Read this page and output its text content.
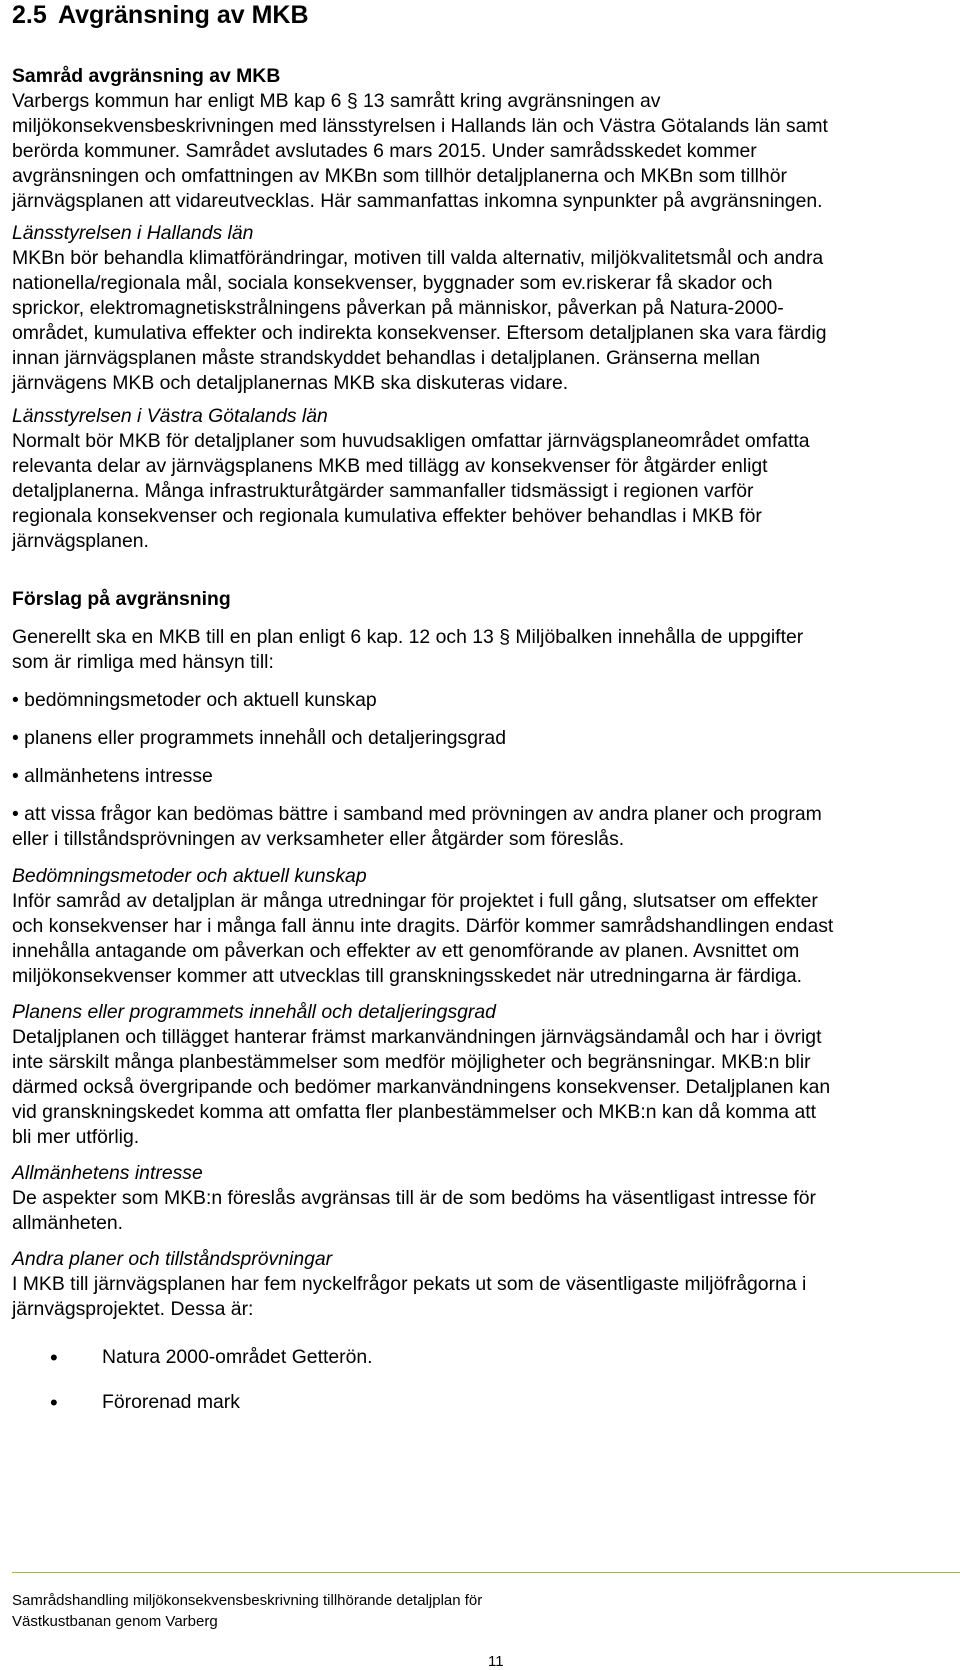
2.5 Avgränsning av MKB
Samråd avgränsning av MKB
Varbergs kommun har enligt MB kap 6 § 13 samrått kring avgränsningen av
miljökonsekvensbeskrivningen med länsstyrelsen i Hallands län och Västra Götalands län samt
berörda kommuner. Samrådet avslutades 6 mars 2015. Under samrådsskedet kommer
avgränsningen och omfattningen av MKBn som tillhör detaljplanerna och MKBn som tillhör
järnvägsplanen att vidareutvecklas. Här sammanfattas inkomna synpunkter på avgränsningen.
Länsstyrelsen i Hallands län
MKBn bör behandla klimatförändringar, motiven till valda alternativ, miljökvalitetsmål och andra
nationella/regionala mål, sociala konsekvenser, byggnader som ev.riskerar få skador och
sprickor, elektromagnetiskstrålningens påverkan på människor, påverkan på Natura-2000-
området, kumulativa effekter och indirekta konsekvenser. Eftersom detaljplanen ska vara färdig
innan järnvägsplanen måste strandskyddet behandlas i detaljplanen. Gränserna mellan
järnvägens MKB och detaljplanernas MKB ska diskuteras vidare.
Länsstyrelsen i Västra Götalands län
Normalt bör MKB för detaljplaner som huvudsakligen omfattar järnvägsplaneområdet omfatta
relevanta delar av järnvägsplanens MKB med tillägg av konsekvenser för åtgärder enligt
detaljplanerna. Många infrastrukturåtgärder sammanfaller tidsmässigt i regionen varför
regionala konsekvenser och regionala kumulativa effekter behöver behandlas i MKB för
järnvägsplanen.
Förslag på avgränsning
Generellt ska en MKB till en plan enligt 6 kap. 12 och 13 § Miljöbalken innehålla de uppgifter
som är rimliga med hänsyn till:
• bedömningsmetoder och aktuell kunskap
• planens eller programmets innehåll och detaljeringsgrad
• allmänhetens intresse
• att vissa frågor kan bedömas bättre i samband med prövningen av andra planer och program
eller i tillståndsprövningen av verksamheter eller åtgärder som föreslås.
Bedömningsmetoder och aktuell kunskap
Inför samråd av detaljplan är många utredningar för projektet i full gång, slutsatser om effekter
och konsekvenser har i många fall ännu inte dragits. Därför kommer samrådshandlingen endast
innehålla antagande om påverkan och effekter av ett genomförande av planen. Avsnittet om
miljökonsekvenser kommer att utvecklas till granskningsskedet när utredningarna är färdiga.
Planens eller programmets innehåll och detaljeringsgrad
Detaljplanen och tillägget hanterar främst markanvändningen järnvägsändamål och har i övrigt
inte särskilt många planbestämmelser som medför möjligheter och begränsningar. MKB:n blir
därmed också övergripande och bedömer markanvändningens konsekvenser. Detaljplanen kan
vid granskningskedet komma att omfatta fler planbestämmelser och MKB:n kan då komma att
bli mer utförlig.
Allmänhetens intresse
De aspekter som MKB:n föreslås avgränsas till är de som bedöms ha väsentligast intresse för
allmänheten.
Andra planer och tillståndsprövningar
I MKB till järnvägsplanen har fem nyckelfrågor pekats ut som de väsentligaste miljöfrågorna i
järnvägsprojektet. Dessa är:
• Natura 2000-området Getterön.
• Förorenad mark
Samrådshandling miljökonsekvensbeskrivning tillhörande detaljplan för
Västkustbanan genom Varberg
11
